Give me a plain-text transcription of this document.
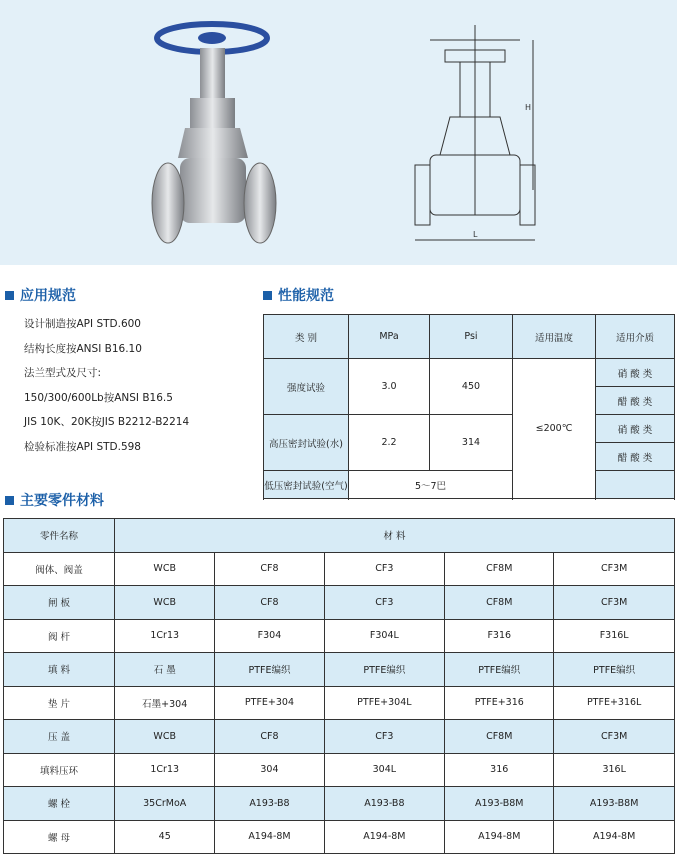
H
L
应用规范	性能规范
设计制造按API STD.600
结构长度按ANSI B16.10
法兰型式及尺寸:
150/300/600Lb按ANSI B16.5
JIS 10K、20K按JIS B2212-B2214
检验标准按API STD.598
类 别	MPa	Psi	适用温度	适用介质
强度试验	3.0	450	≤200℃	硝 酸 类
				醋 酸 类
高压密封试验(水)	2.2	314		硝 酸 类
				醋 酸 类
低压密封试验(空气)	5～7巴			

主要零件材料
零件名称	材 料				
阀体、阀盖	WCB	CF8	CF3	CF8M	CF3M
闸 板	WCB	CF8	CF3	CF8M	CF3M
阀 杆	1Cr13	F304	F304L	F316	F316L
填 料	石 墨	PTFE编织	PTFE编织	PTFE编织	PTFE编织
垫 片	石墨+304	PTFE+304	PTFE+304L	PTFE+316	PTFE+316L
压 盖	WCB	CF8	CF3	CF8M	CF3M
填料压环	1Cr13	304	304L	316	316L
螺 栓	35CrMoA	A193-B8	A193-B8	A193-B8M	A193-B8M
螺 母	45	A194-8M	A194-8M	A194-8M	A194-8M
